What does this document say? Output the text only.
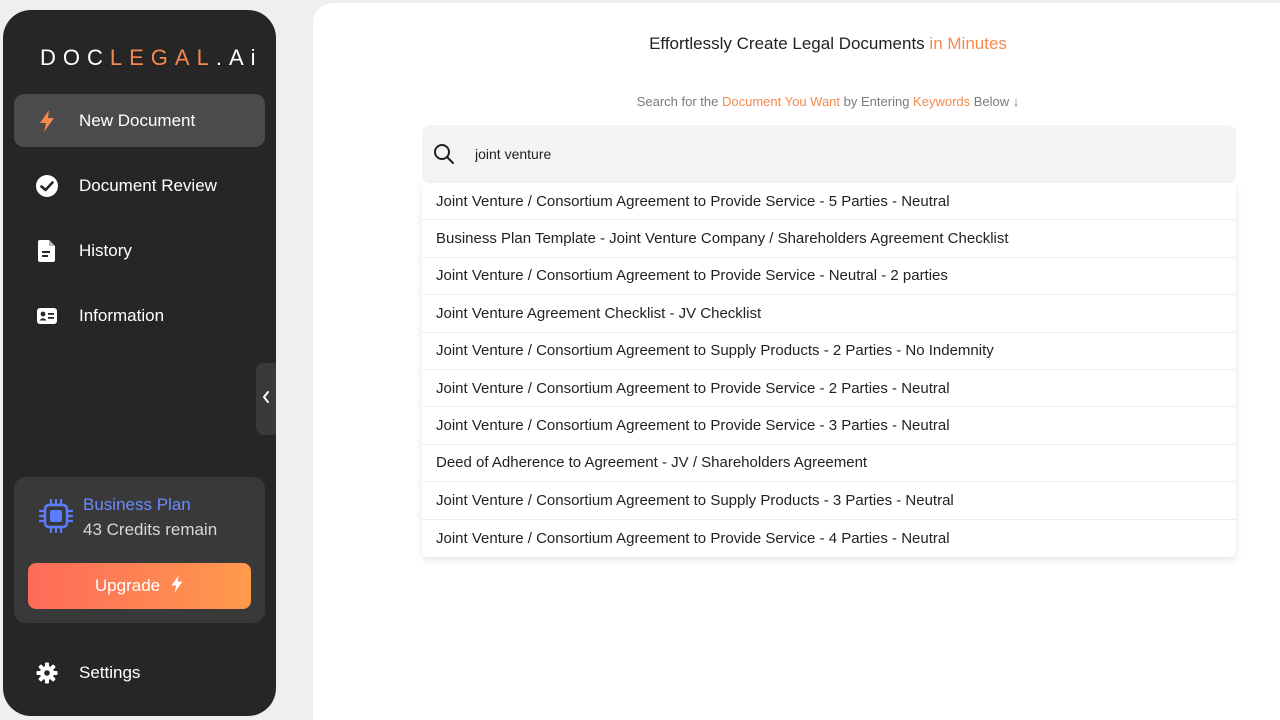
DOC LEGAL .Ai
New Document
Document Review
History
Information
Business Plan
43 Credits remain
Upgrade
Settings
Effortlessly Create Legal Documents in Minutes
Search for the Document You Want by Entering Keywords Below ↓
joint venture
Joint Venture / Consortium Agreement to Provide Service - 5 Parties - Neutral
Business Plan Template - Joint Venture Company / Shareholders Agreement Checklist
Joint Venture / Consortium Agreement to Provide Service - Neutral - 2 parties
Joint Venture Agreement Checklist - JV Checklist
Joint Venture / Consortium Agreement to Supply Products - 2 Parties - No Indemnity
Joint Venture / Consortium Agreement to Provide Service - 2 Parties - Neutral
Joint Venture / Consortium Agreement to Provide Service - 3 Parties - Neutral
Deed of Adherence to Agreement - JV / Shareholders Agreement
Joint Venture / Consortium Agreement to Supply Products - 3 Parties - Neutral
Joint Venture / Consortium Agreement to Provide Service - 4 Parties - Neutral
